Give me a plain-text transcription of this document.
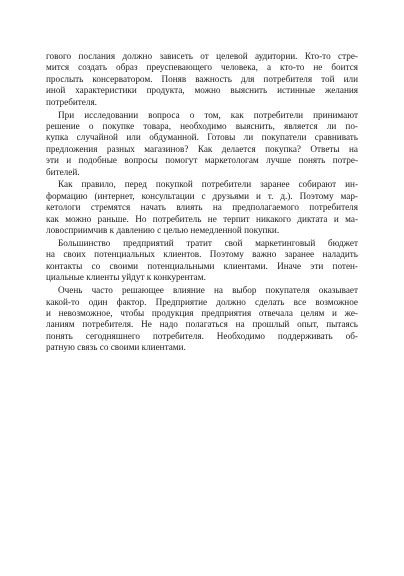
гового послания должно зависеть от целевой аудитории. Кто-то стре-
мится создать образ преуспевающего человека, а кто-то не боится
прослыть консерватором. Поняв важность для потребителя той или
иной характеристики продукта, можно выяснить истинные желания
потребителя.

При исследовании вопроса о том, как потребители принимают
решение о покупке товара, необходимо выяснить, является ли по-
купка случайной или обдуманной. Готовы ли покупатели сравнивать
предложения разных магазинов? Как делается покупка? Ответы на
эти и подобные вопросы помогут маркетологам лучше понять потре-
бителей.

Как правило, перед покупкой потребители заранее собирают ин-
формацию (интернет, консультации с друзьями и т. д.). Поэтому мар-
кетологи стремятся начать влиять на предполагаемого потребителя
как можно раньше. Но потребитель не терпит никакого диктата и ма-
ловосприимчив к давлению с целью немедленной покупки.

Большинство предприятий тратит свой маркетинговый бюджет
на своих потенциальных клиентов. Поэтому важно заранее наладить
контакты со своими потенциальными клиентами. Иначе эти потен-
циальные клиенты уйдут к конкурентам.

Очень часто решающее влияние на выбор покупателя оказывает
какой-то один фактор. Предприятие должно сделать все возможное
и невозможное, чтобы продукция предприятия отвечала целям и же-
ланиям потребителя. Не надо полагаться на прошлый опыт, пытаясь
понять сегодняшнего потребителя. Необходимо поддерживать об-
ратную связь со своими клиентами.
